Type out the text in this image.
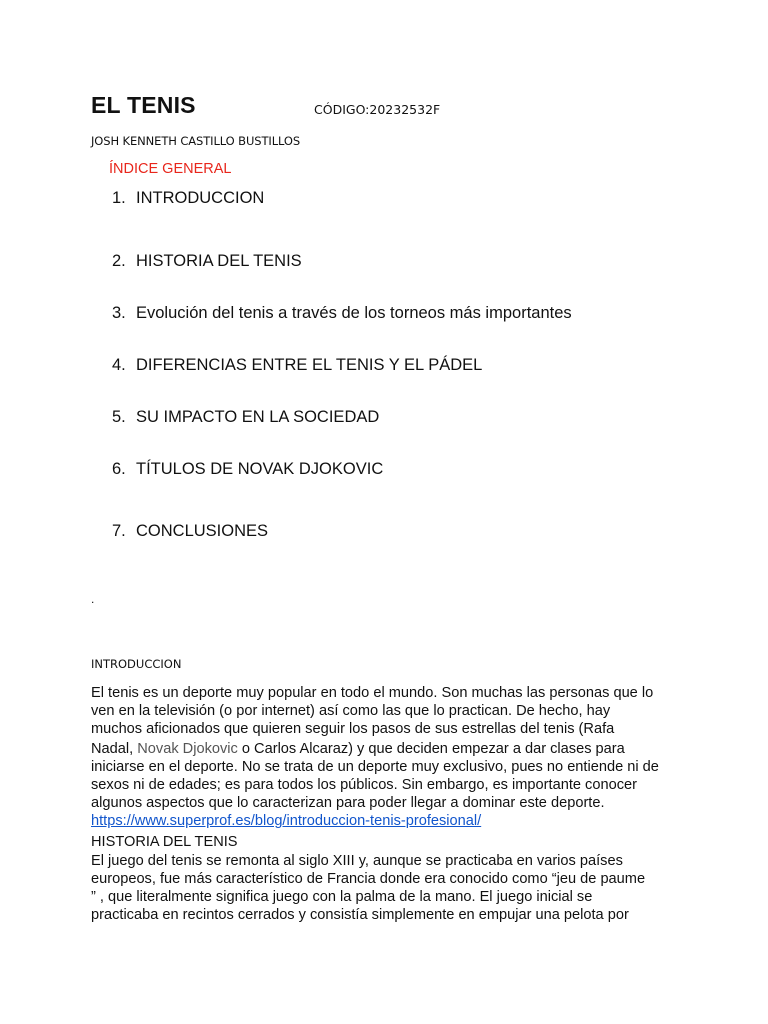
EL TENIS	CÓDIGO:20232532F
JOSH KENNETH CASTILLO BUSTILLOS
ÍNDICE GENERAL
1. INTRODUCCION
2. HISTORIA DEL TENIS
3. Evolución del tenis a través de los torneos más importantes
4. DIFERENCIAS ENTRE EL TENIS Y EL PÁDEL
5. SU IMPACTO EN LA SOCIEDAD
6. TÍTULOS DE NOVAK DJOKOVIC
7. CONCLUSIONES
.
INTRODUCCION

El tenis es un deporte muy popular en todo el mundo. Son muchas las personas que lo
ven en la televisión (o por internet) así como las que lo practican. De hecho, hay
muchos aficionados que quieren seguir los pasos de sus estrellas del tenis (Rafa
Nadal, Novak Djokovic o Carlos Alcaraz) y que deciden empezar a dar clases para
iniciarse en el deporte. No se trata de un deporte muy exclusivo, pues no entiende ni de
sexos ni de edades; es para todos los públicos. Sin embargo, es importante conocer
algunos aspectos que lo caracterizan para poder llegar a dominar este deporte.
https://www.superprof.es/blog/introduccion-tenis-profesional/

HISTORIA DEL TENIS

El juego del tenis se remonta al siglo XIII y, aunque se practicaba en varios países
europeos, fue más característico de Francia donde era conocido como “jeu de paume
” , que literalmente significa juego con la palma de la mano. El juego inicial se
practicaba en recintos cerrados y consistía simplemente en empujar una pelota por
